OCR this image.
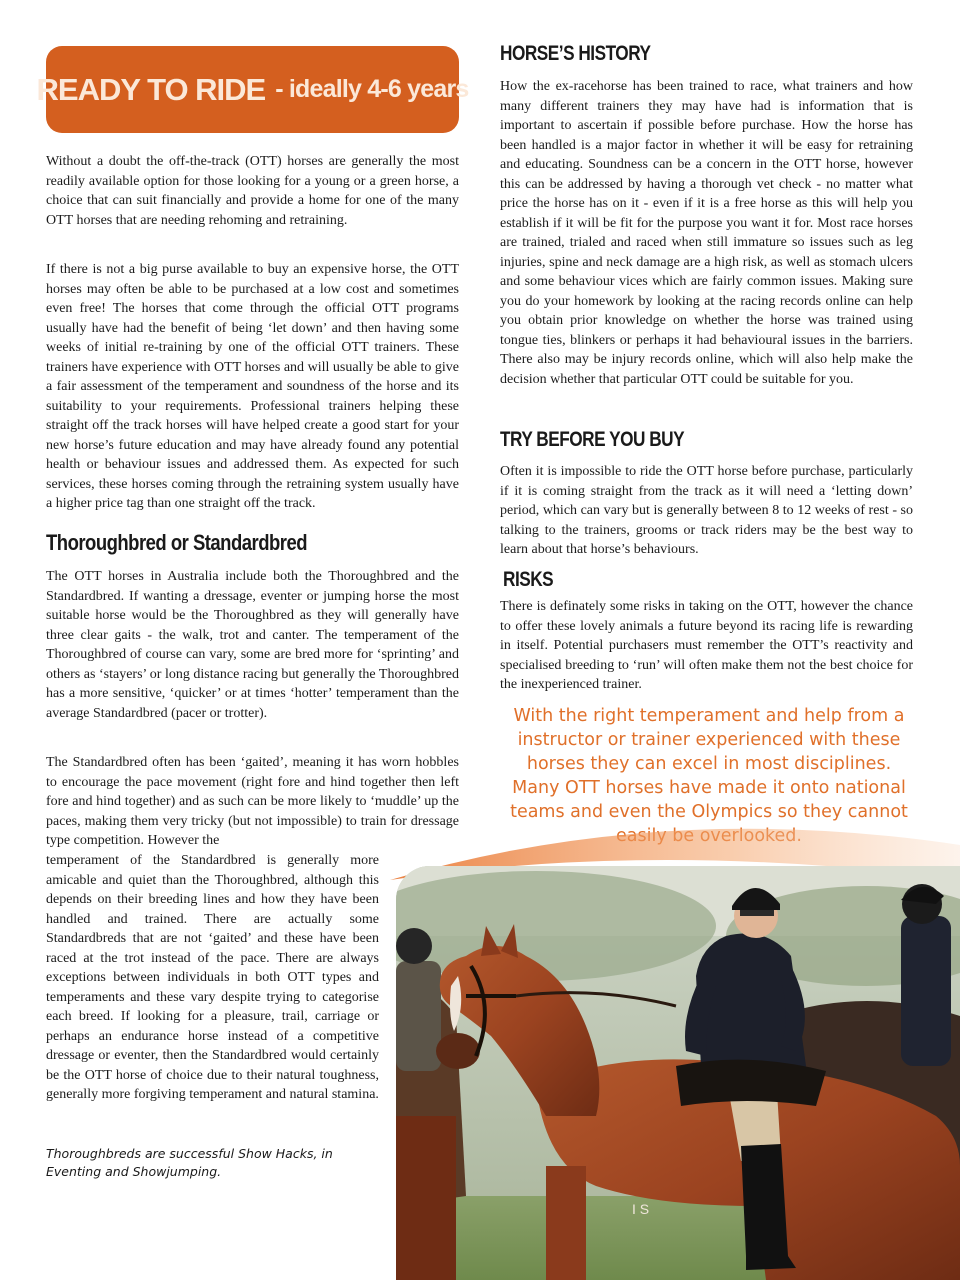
READY TO RIDE - ideally 4-6 years

Without a doubt the off-the-track (OTT) horses are generally the most readily available option for those looking for a young or a green horse, a choice that can suit financially and provide a home for one of the many OTT horses that are needing rehoming and retraining.

If there is not a big purse available to buy an expensive horse, the OTT horses may often be able to be purchased at a low cost and sometimes even free! The horses that come through the official OTT programs usually have had the benefit of being ‘let down’ and then having some weeks of initial re-training by one of the official OTT trainers. These trainers have experience with OTT horses and will usually be able to give a fair assessment of the temperament and soundness of the horse and its suitability to your requirements. Professional trainers helping these straight off the track horses will have helped create a good start for your new horse’s future education and may have already found any potential health or behaviour issues and addressed them. As expected for such services, these horses coming through the retraining system usually have a higher price tag than one straight off the track.

Thoroughbred or Standardbred

The OTT horses in Australia include both the Thoroughbred and the Standardbred. If wanting a dressage, eventer or jumping horse the most suitable horse would be the Thoroughbred as they will generally have three clear gaits - the walk, trot and canter. The temperament of the Thoroughbred of course can vary, some are bred more for ‘sprinting’ and others as ‘stayers’ or long distance racing but generally the Thoroughbred has a more sensitive, ‘quicker’ or at times ‘hotter’ temperament than the average Standardbred (pacer or trotter).

The Standardbred often has been ‘gaited’, meaning it has worn hobbles to encourage the pace movement (right fore and hind together then left fore and hind together) and as such can be more likely to ‘muddle’ up the paces, making them very tricky (but not impossible) to train for dressage type competition. However the

temperament of the Standardbred is generally more amicable and quiet than the Thoroughbred, although this depends on their breeding lines and how they have been handled and trained. There are actually some Standardbreds that are not ‘gaited’ and these have been raced at the trot instead of the pace. There are always exceptions between individuals in both OTT types and temperaments and these vary despite trying to categorise each breed. If looking for a pleasure, trail, carriage or perhaps an endurance horse instead of a competitive dressage or eventer, then the Standardbred would certainly be the OTT horse of choice due to their natural toughness, generally more forgiving temperament and natural stamina.

Thoroughbreds are successful Show Hacks, in Eventing and Showjumping.

HORSE’S HISTORY

How the ex-racehorse has been trained to race, what trainers and how many different trainers they may have had is information that is important to ascertain if possible before purchase. How the horse has been handled is a major factor in whether it will be easy for retraining and educating. Soundness can be a concern in the OTT horse, however this can be addressed by having a thorough vet check - no matter what price the horse has on it - even if it is a free horse as this will help you establish if it will be fit for the purpose you want it for. Most race horses are trained, trialed and raced when still immature so issues such as leg injuries, spine and neck damage are a high risk, as well as stomach ulcers and some behaviour vices which are fairly common issues. Making sure you do your homework by looking at the racing records online can help you obtain prior knowledge on whether the horse was trained using tongue ties, blinkers or perhaps it had behavioural issues in the barriers. There also may be injury records online, which will also help make the decision whether that particular OTT could be suitable for you.

TRY BEFORE YOU BUY

Often it is impossible to ride the OTT horse before purchase, particularly if it is coming straight from the track as it will need a ‘letting down’ period, which can vary but is generally between 8 to 12 weeks of rest - so talking to the trainers, grooms or track riders may be the best way to learn about that horse’s behaviours.

RISKS

There is definately some risks in taking on the OTT, however the chance to offer these lovely animals a future beyond its racing life is rewarding in itself. Potential purchasers must remember the OTT’s reactivity and specialised breeding to ‘run’ will often make them not the best choice for the inexperienced trainer.

With the right temperament and help from a instructor or trainer experienced with these horses they can excel in most disciplines. Many OTT horses have made it onto national teams and even the Olympics so they cannot

I S
